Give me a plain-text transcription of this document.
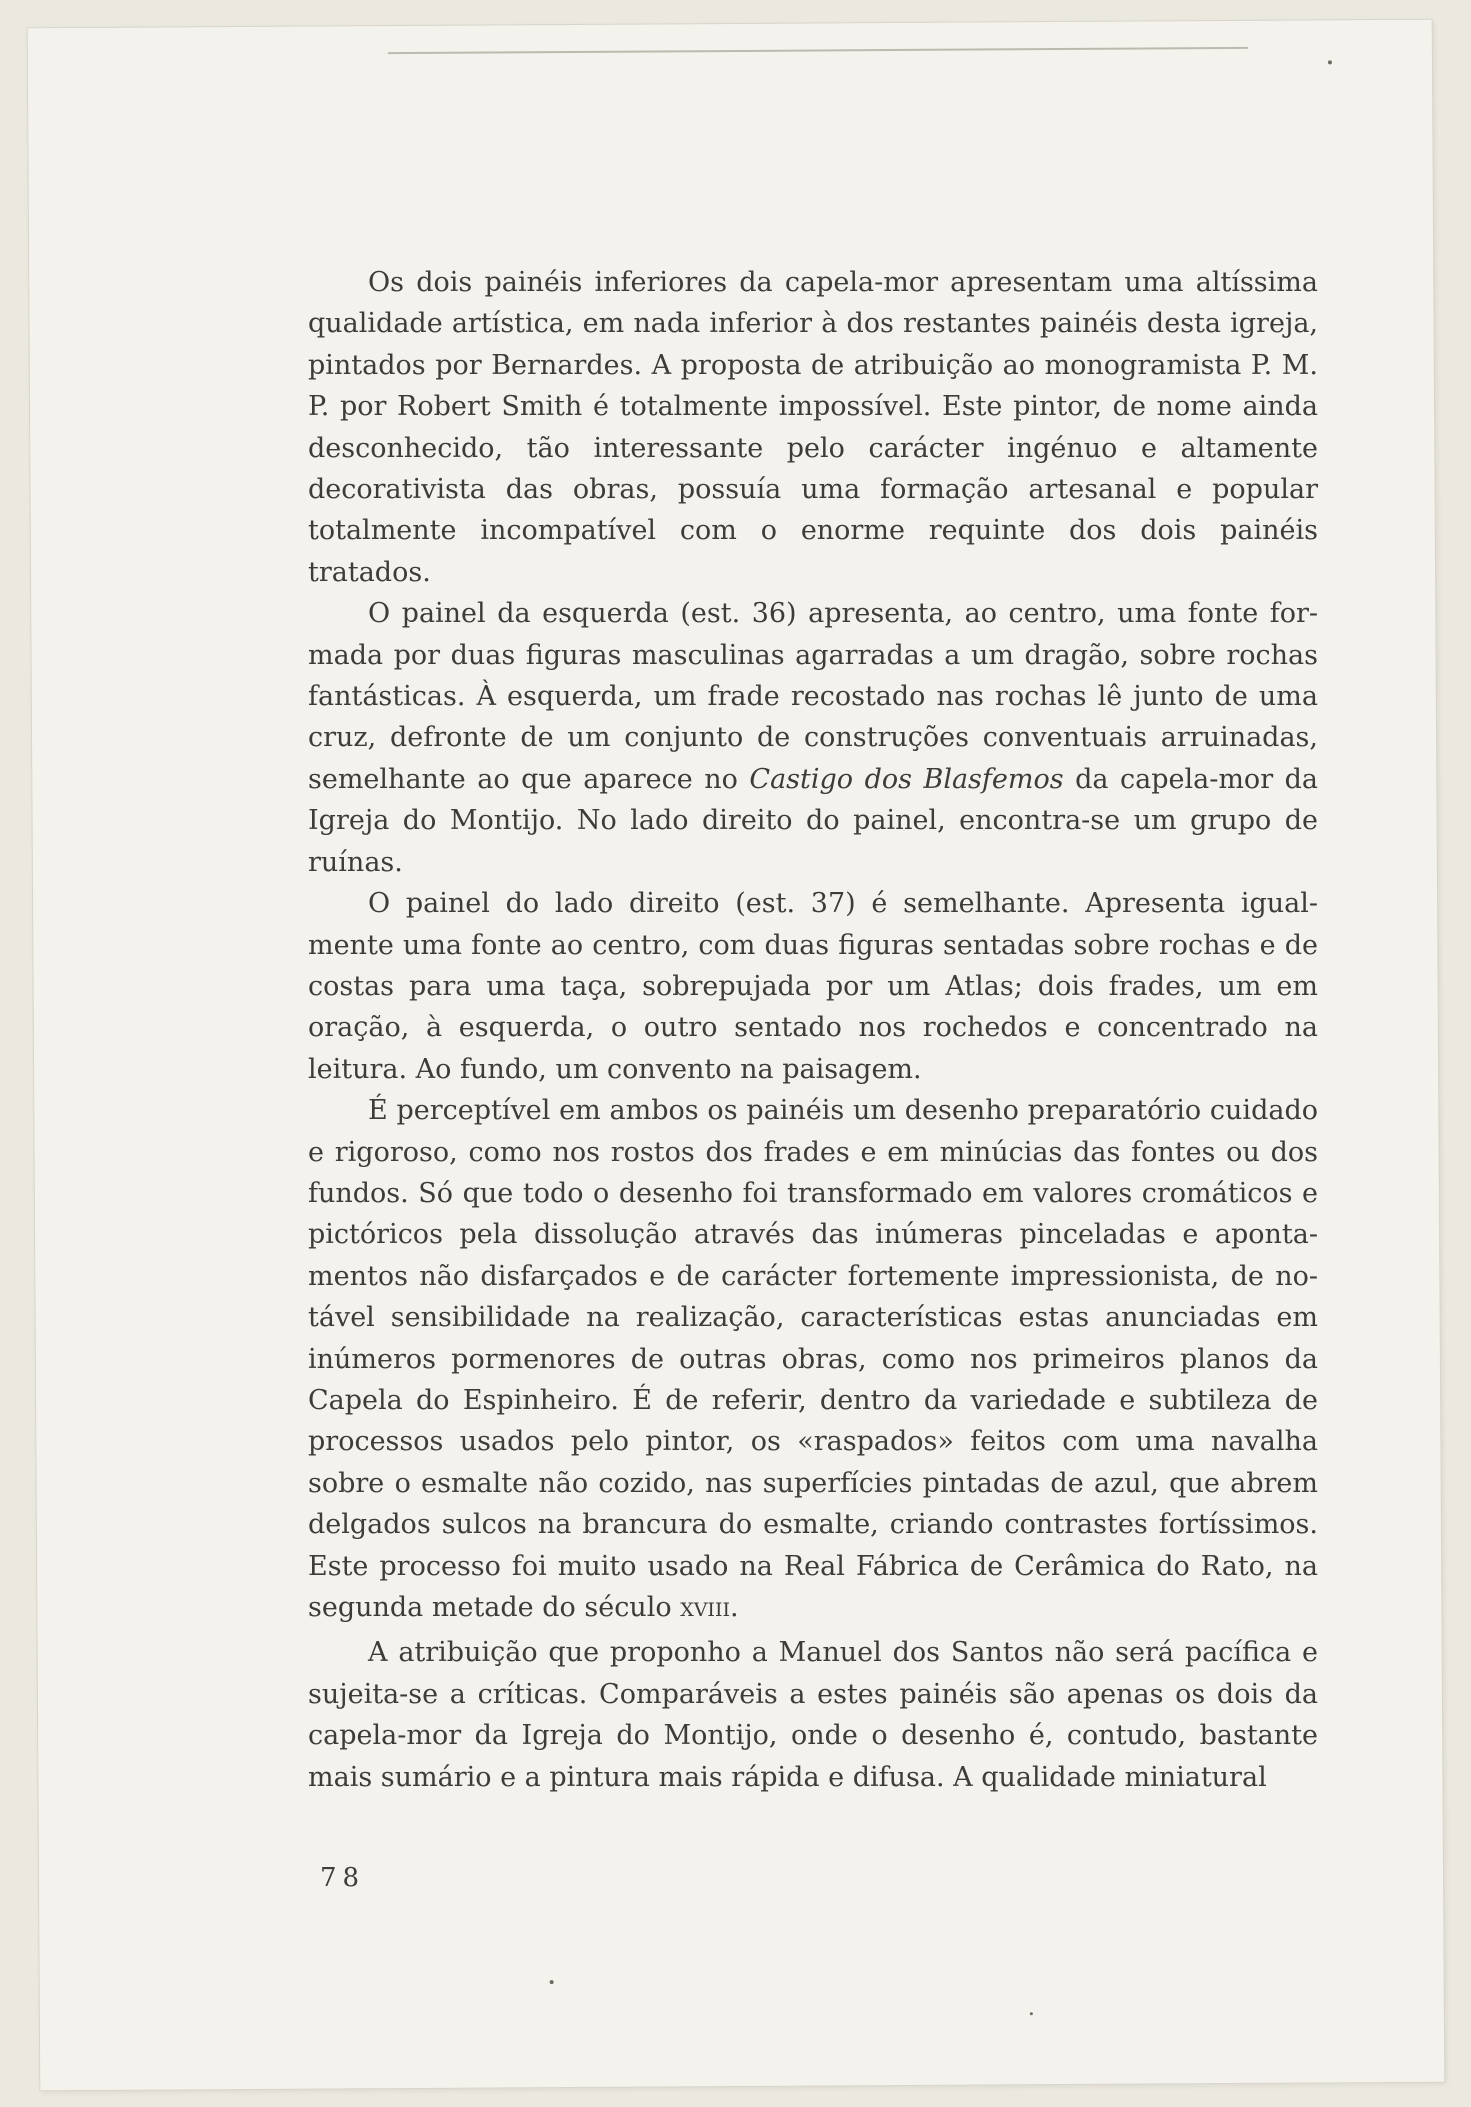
Os dois painéis inferiores da capela-mor apresentam uma altíssima qualidade artística, em nada inferior à dos restantes painéis desta igreja, pintados por Bernardes. A proposta de atribuição ao monogramista P. M. P. por Robert Smith é totalmente impossível. Este pintor, de nome ainda desconhecido, tão interessante pelo carácter ingénuo e altamente decorativista das obras, possuía uma formação artesanal e popular totalmente incompatível com o enorme requinte dos dois painéis tratados.

O painel da esquerda (est. 36) apresenta, ao centro, uma fonte formada por duas figuras masculinas agarradas a um dragão, sobre rochas fantásticas. À esquerda, um frade recostado nas rochas lê junto de uma cruz, defronte de um conjunto de construções conventuais arruinadas, semelhante ao que aparece no Castigo dos Blasfemos da capela-mor da Igreja do Montijo. No lado direito do painel, encontra-se um grupo de ruínas.

O painel do lado direito (est. 37) é semelhante. Apresenta igualmente uma fonte ao centro, com duas figuras sentadas sobre rochas e de costas para uma taça, sobrepujada por um Atlas; dois frades, um em oração, à esquerda, o outro sentado nos rochedos e concentrado na leitura. Ao fundo, um convento na paisagem.

É perceptível em ambos os painéis um desenho preparatório cuidado e rigoroso, como nos rostos dos frades e em minúcias das fontes ou dos fundos. Só que todo o desenho foi transformado em valores cromáticos e pictóricos pela dissolução através das inúmeras pinceladas e apontamentos não disfarçados e de carácter fortemente impressionista, de notável sensibilidade na realização, características estas anunciadas em inúmeros pormenores de outras obras, como nos primeiros planos da Capela do Espinheiro. É de referir, dentro da variedade e subtileza de processos usados pelo pintor, os «raspados» feitos com uma navalha sobre o esmalte não cozido, nas superfícies pintadas de azul, que abrem delgados sulcos na brancura do esmalte, criando contrastes fortíssimos. Este processo foi muito usado na Real Fábrica de Cerâmica do Rato, na segunda metade do século xviii.

A atribuição que proponho a Manuel dos Santos não será pacífica e sujeita-se a críticas. Comparáveis a estes painéis são apenas os dois da capela-mor da Igreja do Montijo, onde o desenho é, contudo, bastante mais sumário e a pintura mais rápida e difusa. A qualidade miniatural

78
